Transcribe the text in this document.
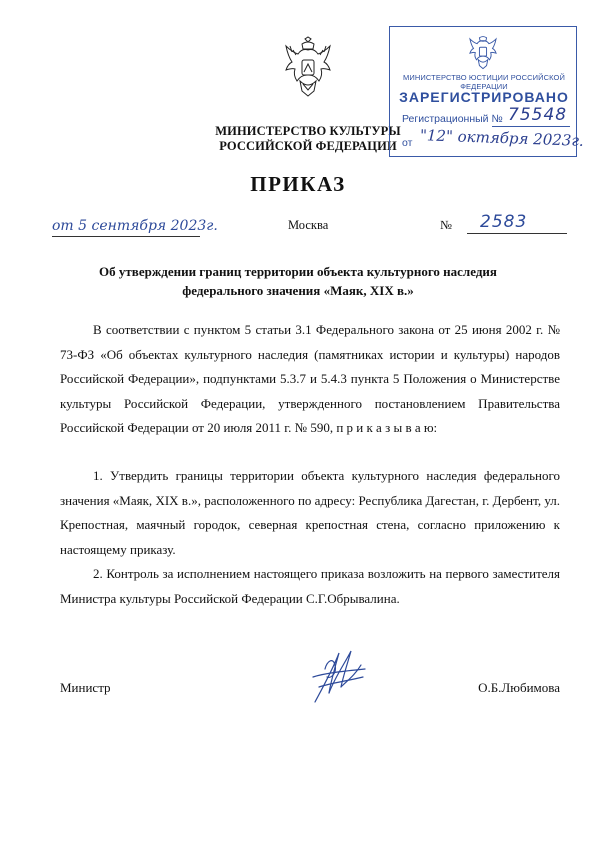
МИНИСТЕРСТВО КУЛЬТУРЫ
РОССИЙСКОЙ ФЕДЕРАЦИИ
МИНИСТЕРСТВО ЮСТИЦИИ РОССИЙСКОЙ ФЕДЕРАЦИИ
ЗАРЕГИСТРИРОВАНО
Регистрационный № 75548
от "12" октября 2023г.
ПРИКАЗ
от 5 сентября 2023г.	Москва	№ 2583
Об утверждении границ территории объекта культурного наследия
федерального значения «Маяк, XIX в.»
В соответствии с пунктом 5 статьи 3.1 Федерального закона от 25 июня 2002 г. № 73-ФЗ «Об объектах культурного наследия (памятниках истории и культуры) народов Российской Федерации», подпунктами 5.3.7 и 5.4.3 пункта 5 Положения о Министерстве культуры Российской Федерации, утвержденного постановлением Правительства Российской Федерации от 20 июля 2011 г. № 590, п р и к а з ы в а ю:
1. Утвердить границы территории объекта культурного наследия федерального значения «Маяк, XIX в.», расположенного по адресу: Республика Дагестан, г. Дербент, ул. Крепостная, маячный городок, северная крепостная стена, согласно приложению к настоящему приказу.
2. Контроль за исполнением настоящего приказа возложить на первого заместителя Министра культуры Российской Федерации С.Г.Обрывалина.
Министр	О.Б.Любимова
